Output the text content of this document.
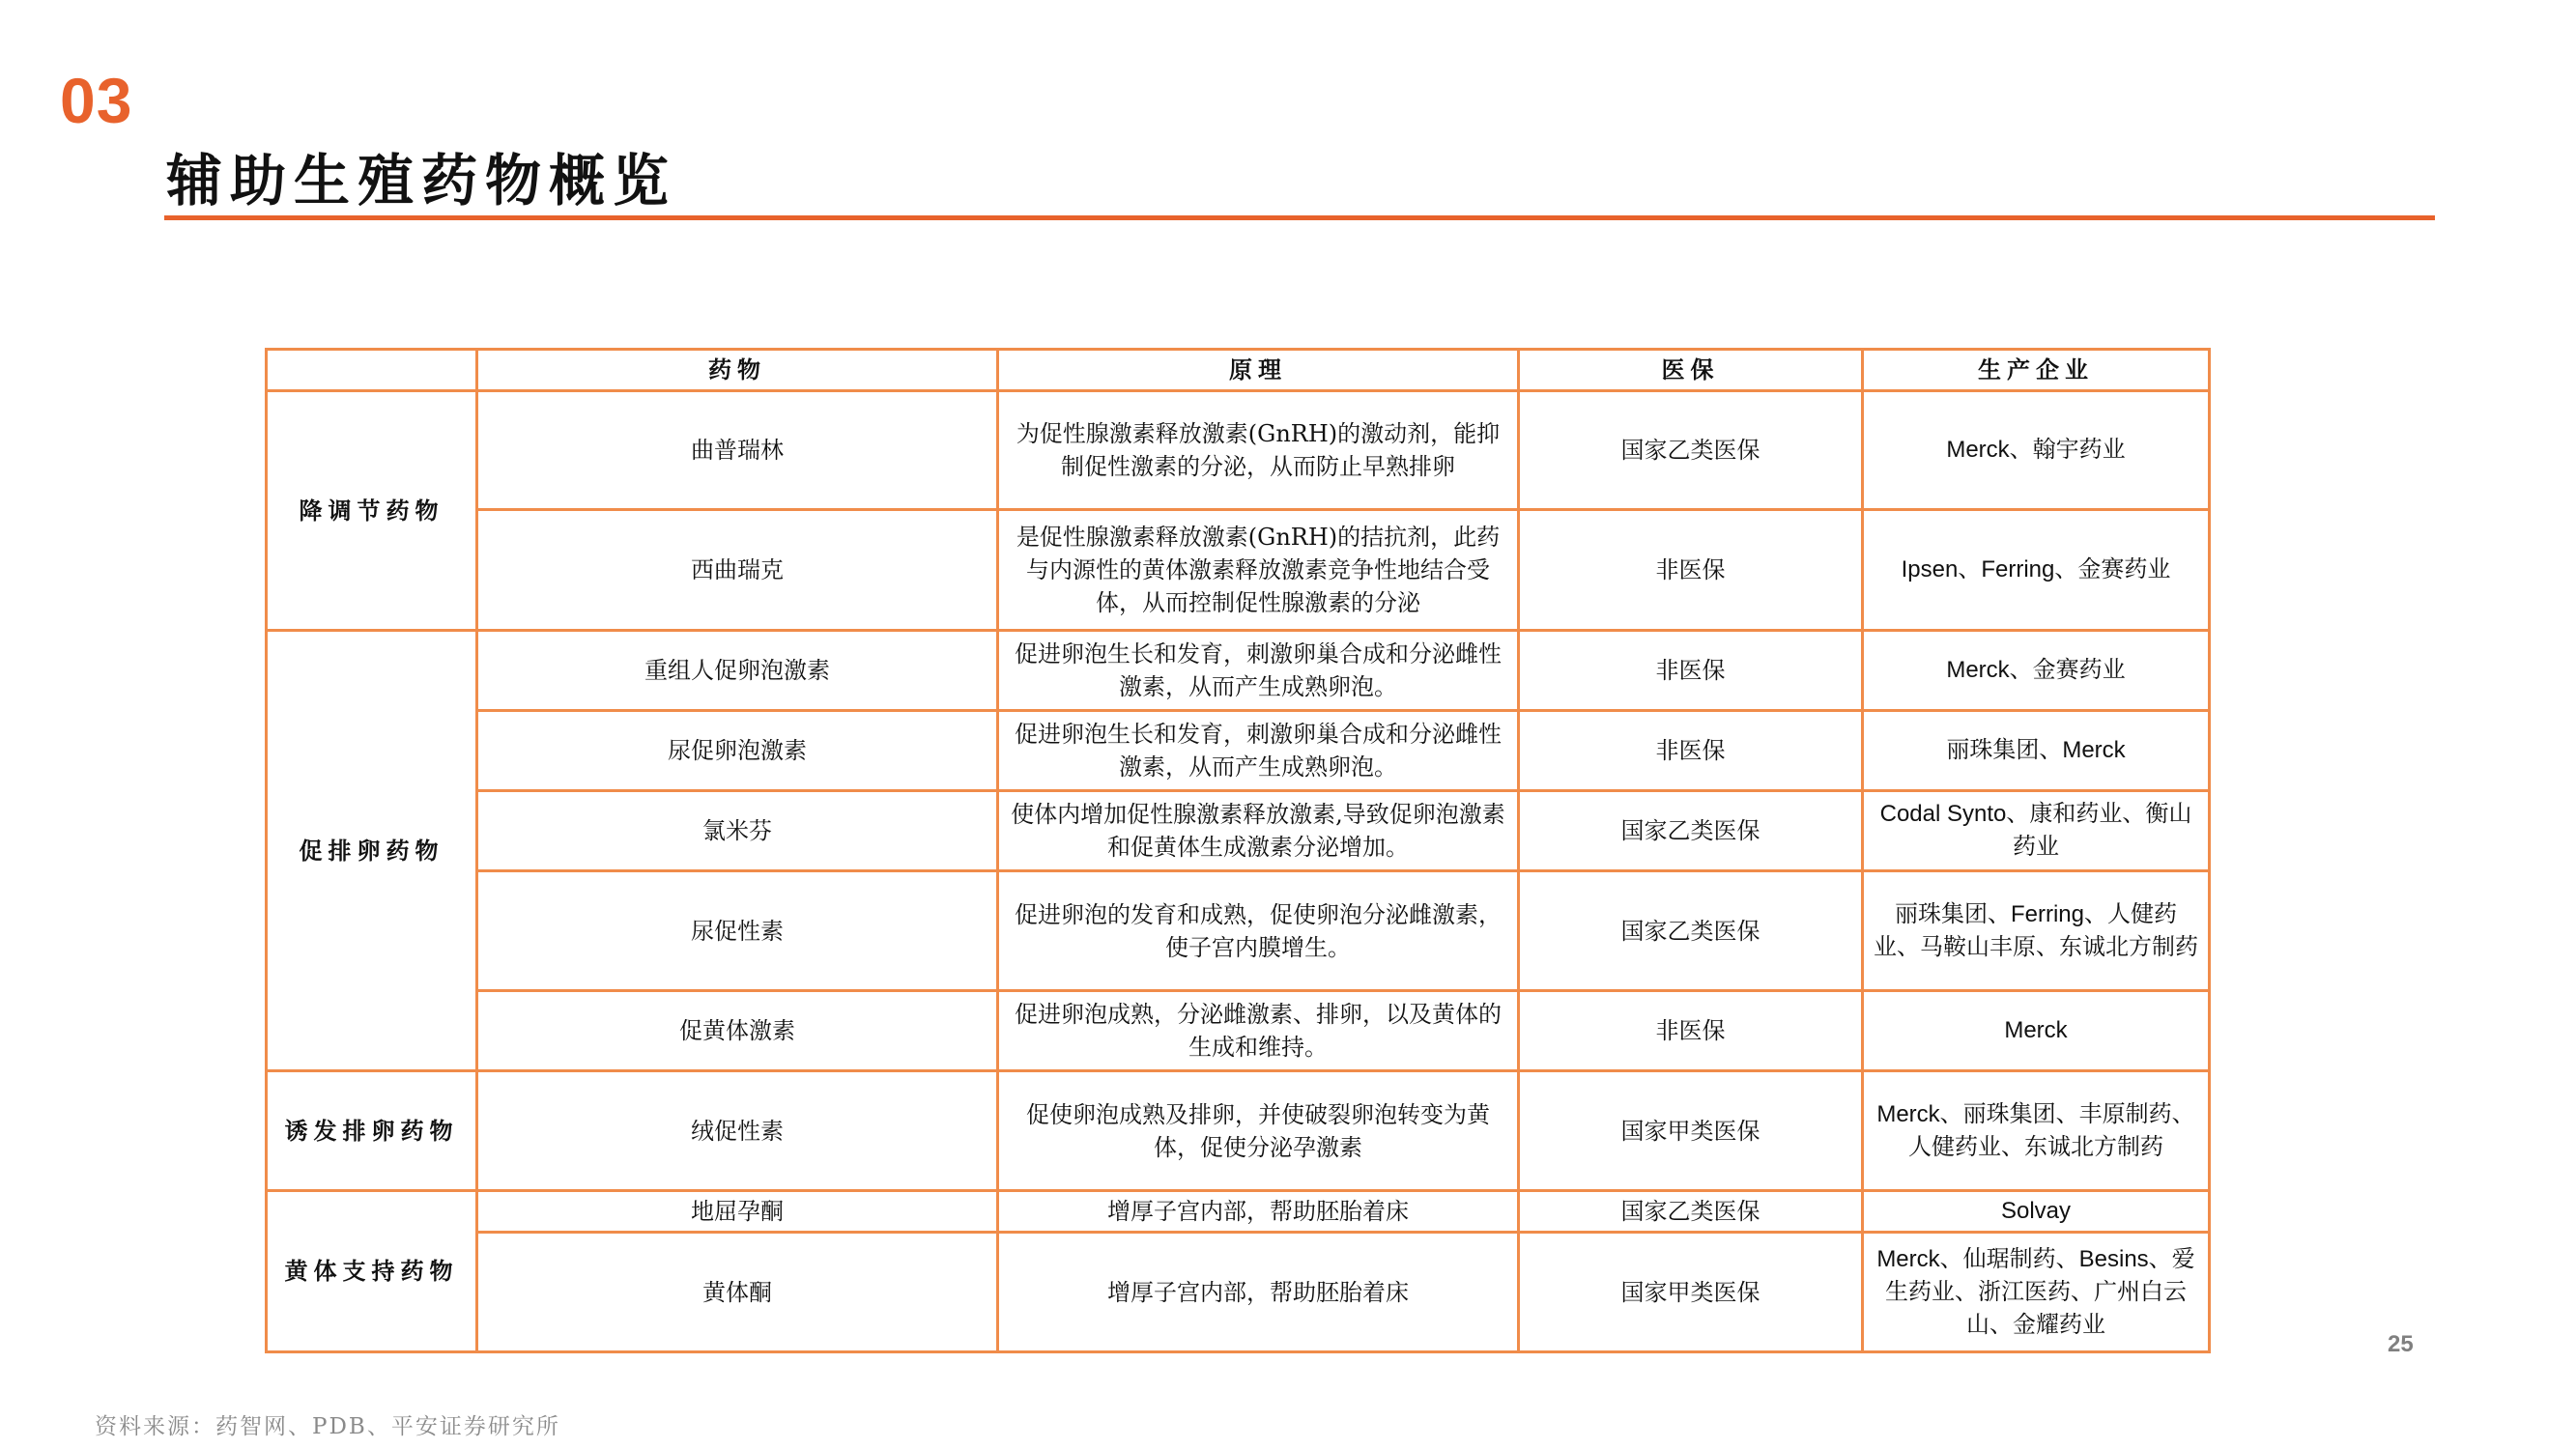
03
辅助生殖药物概览
	药物	原理	医保	生产企业
降调节药物	曲普瑞林	为促性腺激素释放激素(GnRH)的激动剂，能抑制促性激素的分泌，从而防止早熟排卵	国家乙类医保	Merck、翰宇药业
	西曲瑞克	是促性腺激素释放激素(GnRH)的拮抗剂，此药与内源性的黄体激素释放激素竞争性地结合受体，从而控制促性腺激素的分泌	非医保	Ipsen、Ferring、金赛药业
促排卵药物	重组人促卵泡激素	促进卵泡生长和发育，刺激卵巢合成和分泌雌性激素，从而产生成熟卵泡。	非医保	Merck、金赛药业
	尿促卵泡激素	促进卵泡生长和发育，刺激卵巢合成和分泌雌性激素，从而产生成熟卵泡。	非医保	丽珠集团、Merck
	氯米芬	使体内增加促性腺激素释放激素,导致促卵泡激素和促黄体生成激素分泌增加。	国家乙类医保	Codal Synto、康和药业、衡山药业
	尿促性素	促进卵泡的发育和成熟，促使卵泡分泌雌激素，使子宫内膜增生。	国家乙类医保	丽珠集团、Ferring、人健药业、马鞍山丰原、东诚北方制药
	促黄体激素	促进卵泡成熟，分泌雌激素、排卵，以及黄体的生成和维持。	非医保	Merck
诱发排卵药物	绒促性素	促使卵泡成熟及排卵，并使破裂卵泡转变为黄体，促使分泌孕激素	国家甲类医保	Merck、丽珠集团、丰原制药、人健药业、东诚北方制药
黄体支持药物	地屈孕酮	增厚子宫内部，帮助胚胎着床	国家乙类医保	Solvay
	黄体酮	增厚子宫内部，帮助胚胎着床	国家甲类医保	Merck、仙琚制药、Besins、爱生药业、浙江医药、广州白云山、金耀药业
资料来源：药智网、PDB、平安证券研究所
25
